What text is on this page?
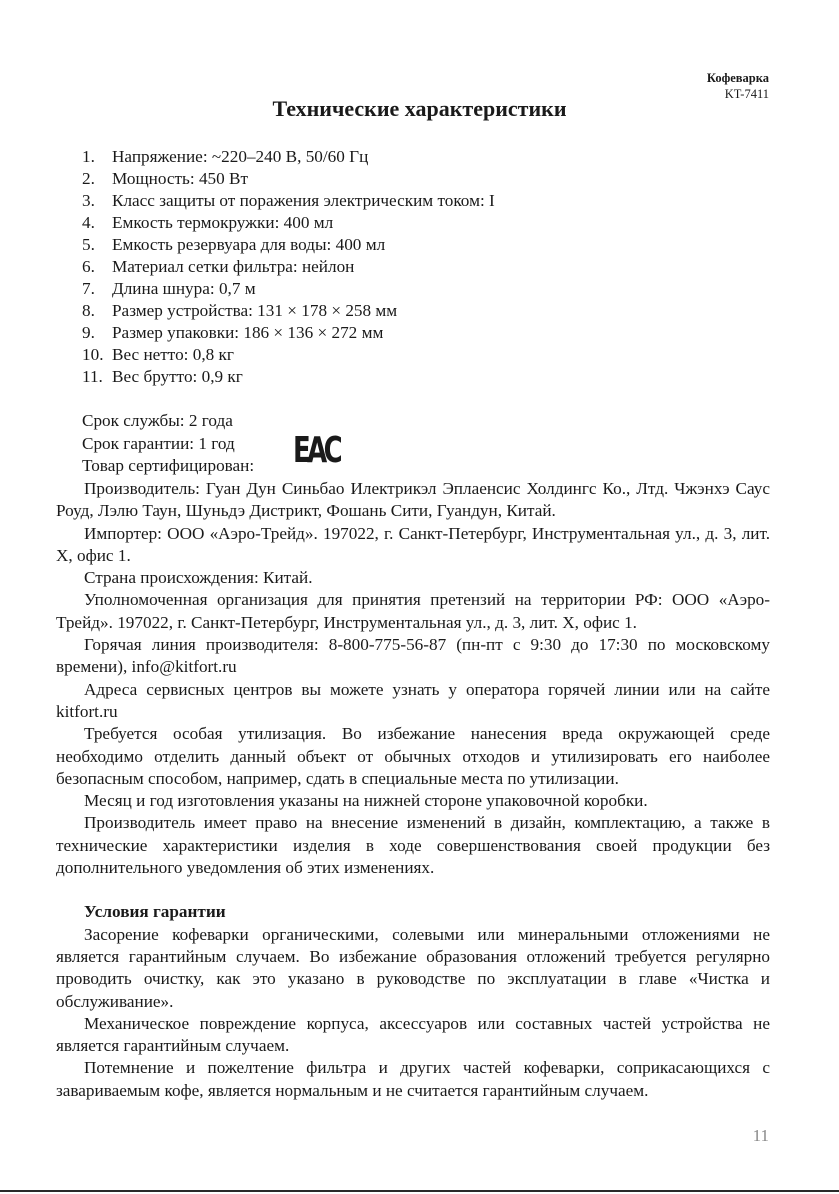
Кофеварка
KT-7411
Технические характеристики
1. Напряжение: ~220–240 В, 50/60 Гц
2. Мощность: 450 Вт
3. Класс защиты от поражения электрическим током: I
4. Емкость термокружки: 400 мл
5. Емкость резервуара для воды: 400 мл
6. Материал сетки фильтра: нейлон
7. Длина шнура: 0,7 м
8. Размер устройства: 131 × 178 × 258 мм
9. Размер упаковки: 186 × 136 × 272 мм
10. Вес нетто: 0,8 кг
11. Вес брутто: 0,9 кг
Срок службы: 2 года
Срок гарантии: 1 год
Товар сертифицирован: EAC

Производитель: Гуан Дун Синьбао Илектрикэл Эплаенсис Холдингс Ко., Лтд. Чжэнхэ Саус Роуд, Лэлю Таун, Шуньдэ Дистрикт, Фошань Сити, Гуандун, Китай.

Импортер: ООО «Аэро-Трейд». 197022, г. Санкт-Петербург, Инструментальная ул., д. 3, лит. Х, офис 1.

Страна происхождения: Китай.

Уполномоченная организация для принятия претензий на территории РФ: ООО «Аэро-Трейд». 197022, г. Санкт-Петербург, Инструментальная ул., д. 3, лит. Х, офис 1.

Горячая линия производителя: 8-800-775-56-87 (пн-пт с 9:30 до 17:30 по московскому времени), info@kitfort.ru

Адреса сервисных центров вы можете узнать у оператора горячей линии или на сайте kitfort.ru

Требуется особая утилизация. Во избежание нанесения вреда окружающей среде необходимо отделить данный объект от обычных отходов и утилизировать его наиболее безопасным способом, например, сдать в специальные места по утилизации.

Месяц и год изготовления указаны на нижней стороне упаковочной коробки.

Производитель имеет право на внесение изменений в дизайн, комплектацию, а также в технические характеристики изделия в ходе совершенствования своей продукции без дополнительного уведомления об этих изменениях.

Условия гарантии

Засорение кофеварки органическими, солевыми или минеральными отложениями не является гарантийным случаем. Во избежание образования отложений требуется регулярно проводить очистку, как это указано в руководстве по эксплуатации в главе «Чистка и обслуживание».

Механическое повреждение корпуса, аксессуаров или составных частей устройства не является гарантийным случаем.

Потемнение и пожелтение фильтра и других частей кофеварки, соприкасающихся с завариваемым кофе, является нормальным и не считается гарантийным случаем.

11
